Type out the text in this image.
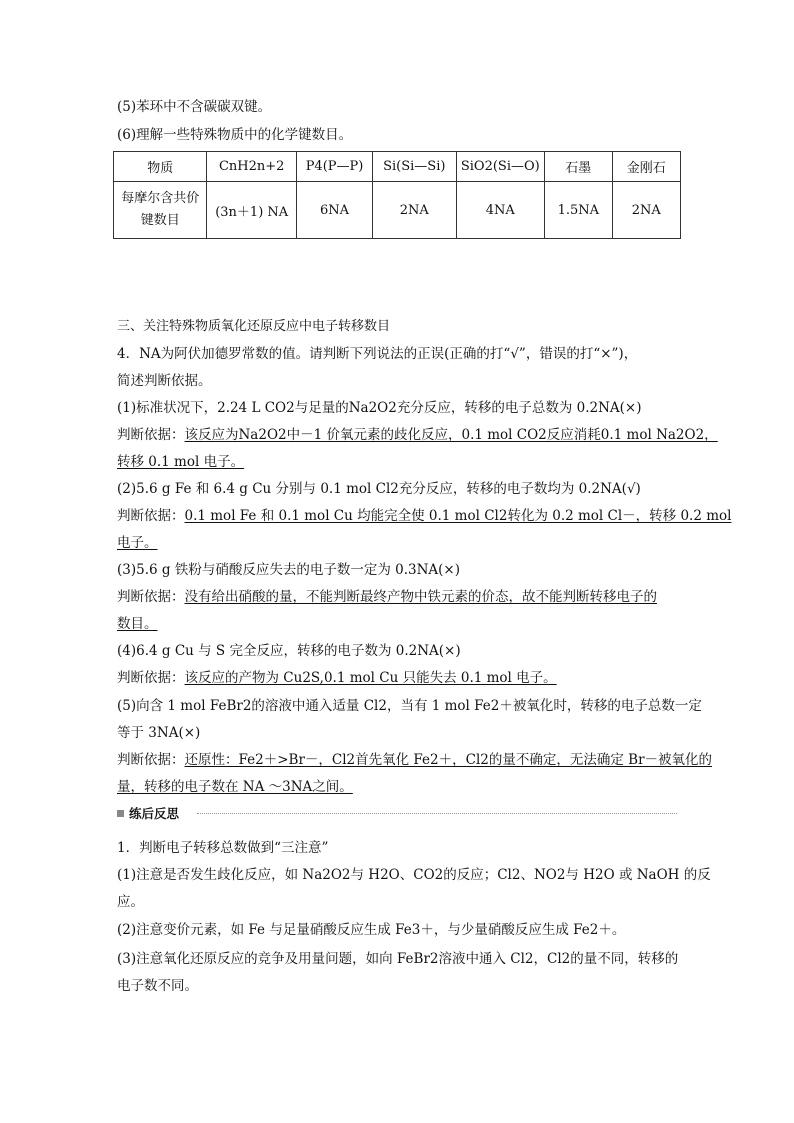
(5)苯环中不含碳碳双键。
(6)理解一些特殊物质中的化学键数目。
物质	CnH2n+2	P4(P—P)	Si(Si—Si)	SiO2(Si—O)	石墨	金刚石
每摩尔含共价键数目	(3n＋1) NA	6NA	2NA	4NA	1.5NA	2NA
三、关注特殊物质氧化还原反应中电子转移数目
4．NA为阿伏加德罗常数的值。请判断下列说法的正误(正确的打“√”，错误的打“×”)，
简述判断依据。
(1)标准状况下，2.24 L CO2与足量的Na2O2充分反应，转移的电子总数为 0.2NA(×)
判断依据：该反应为Na2O2中－1 价氧元素的歧化反应，0.1 mol CO2反应消耗0.1 mol Na2O2，
转移 0.1 mol 电子。
(2)5.6 g Fe 和 6.4 g Cu 分别与 0.1 mol Cl2充分反应，转移的电子数均为 0.2NA(√)
判断依据：0.1 mol Fe 和 0.1 mol Cu 均能完全使 0.1 mol Cl2转化为 0.2 mol Cl－，转移 0.2 mol
电子。
(3)5.6 g 铁粉与硝酸反应失去的电子数一定为 0.3NA(×)
判断依据：没有给出硝酸的量，不能判断最终产物中铁元素的价态，故不能判断转移电子的
数目。
(4)6.4 g Cu 与 S 完全反应，转移的电子数为 0.2NA(×)
判断依据：该反应的产物为 Cu2S,0.1 mol Cu 只能失去 0.1 mol 电子。
(5)向含 1 mol FeBr2的溶液中通入适量 Cl2，当有 1 mol Fe2＋被氧化时，转移的电子总数一定
等于 3NA(×)
判断依据：还原性：Fe2＋>Br－，Cl2首先氧化 Fe2＋，Cl2的量不确定，无法确定 Br－被氧化的
量，转移的电子数在 NA ～3NA之间。
练后反思
1．判断电子转移总数做到“三注意”
(1)注意是否发生歧化反应，如 Na2O2与 H2O、CO2的反应；Cl2、NO2与 H2O 或 NaOH 的反
应。
(2)注意变价元素，如 Fe 与足量硝酸反应生成 Fe3＋，与少量硝酸反应生成 Fe2＋。
(3)注意氧化还原反应的竞争及用量问题，如向 FeBr2溶液中通入 Cl2，Cl2的量不同，转移的
电子数不同。
